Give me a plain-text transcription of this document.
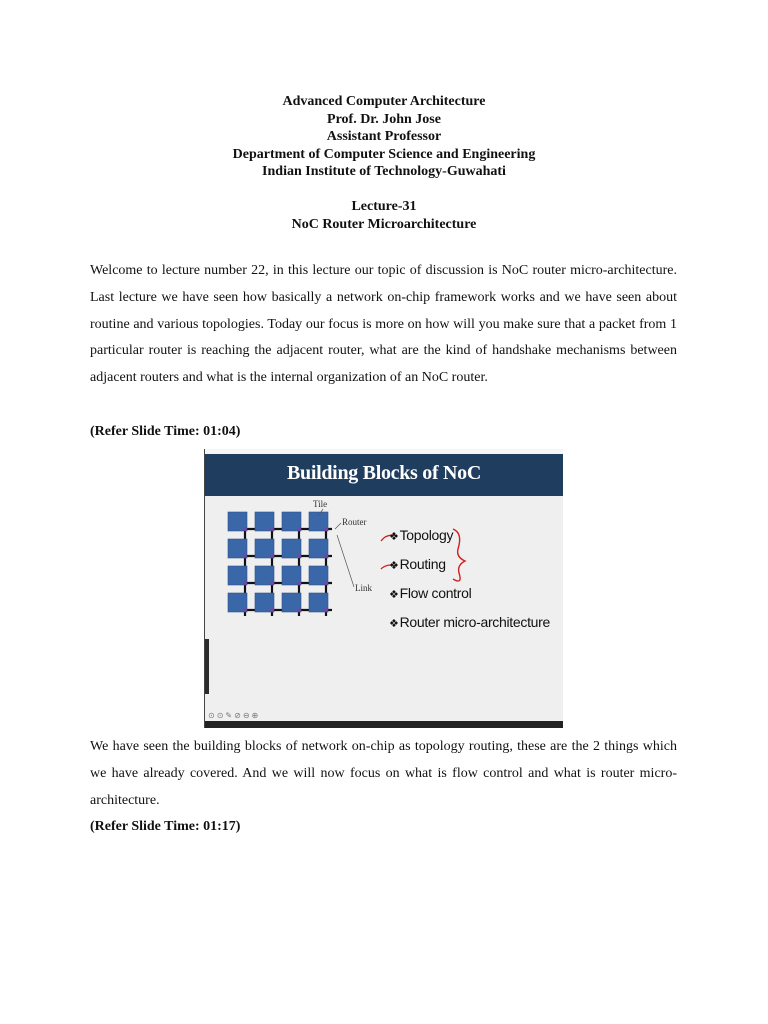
Advanced Computer Architecture
Prof. Dr. John Jose
Assistant Professor
Department of Computer Science and Engineering
Indian Institute of Technology-Guwahati
Lecture-31
NoC Router Microarchitecture

Welcome to lecture number 22, in this lecture our topic of discussion is NoC router micro-architecture. Last lecture we have seen how basically a network on-chip framework works and we have seen about routine and various topologies. Today our focus is more on how will you make sure that a packet from 1 particular router is reaching the adjacent router, what are the kind of handshake mechanisms between adjacent routers and what is the internal organization of an NoC router.

(Refer Slide Time: 01:04)

Building Blocks of NoC
Tile
Router
Link
❖Topology
❖Routing
❖Flow control
❖Router micro-architecture
⊙⊙✎⊘⊖⊕

We have seen the building blocks of network on-chip as topology routing, these are the 2 things which we have already covered. And we will now focus on what is flow control and what is router micro-architecture.

(Refer Slide Time: 01:17)
